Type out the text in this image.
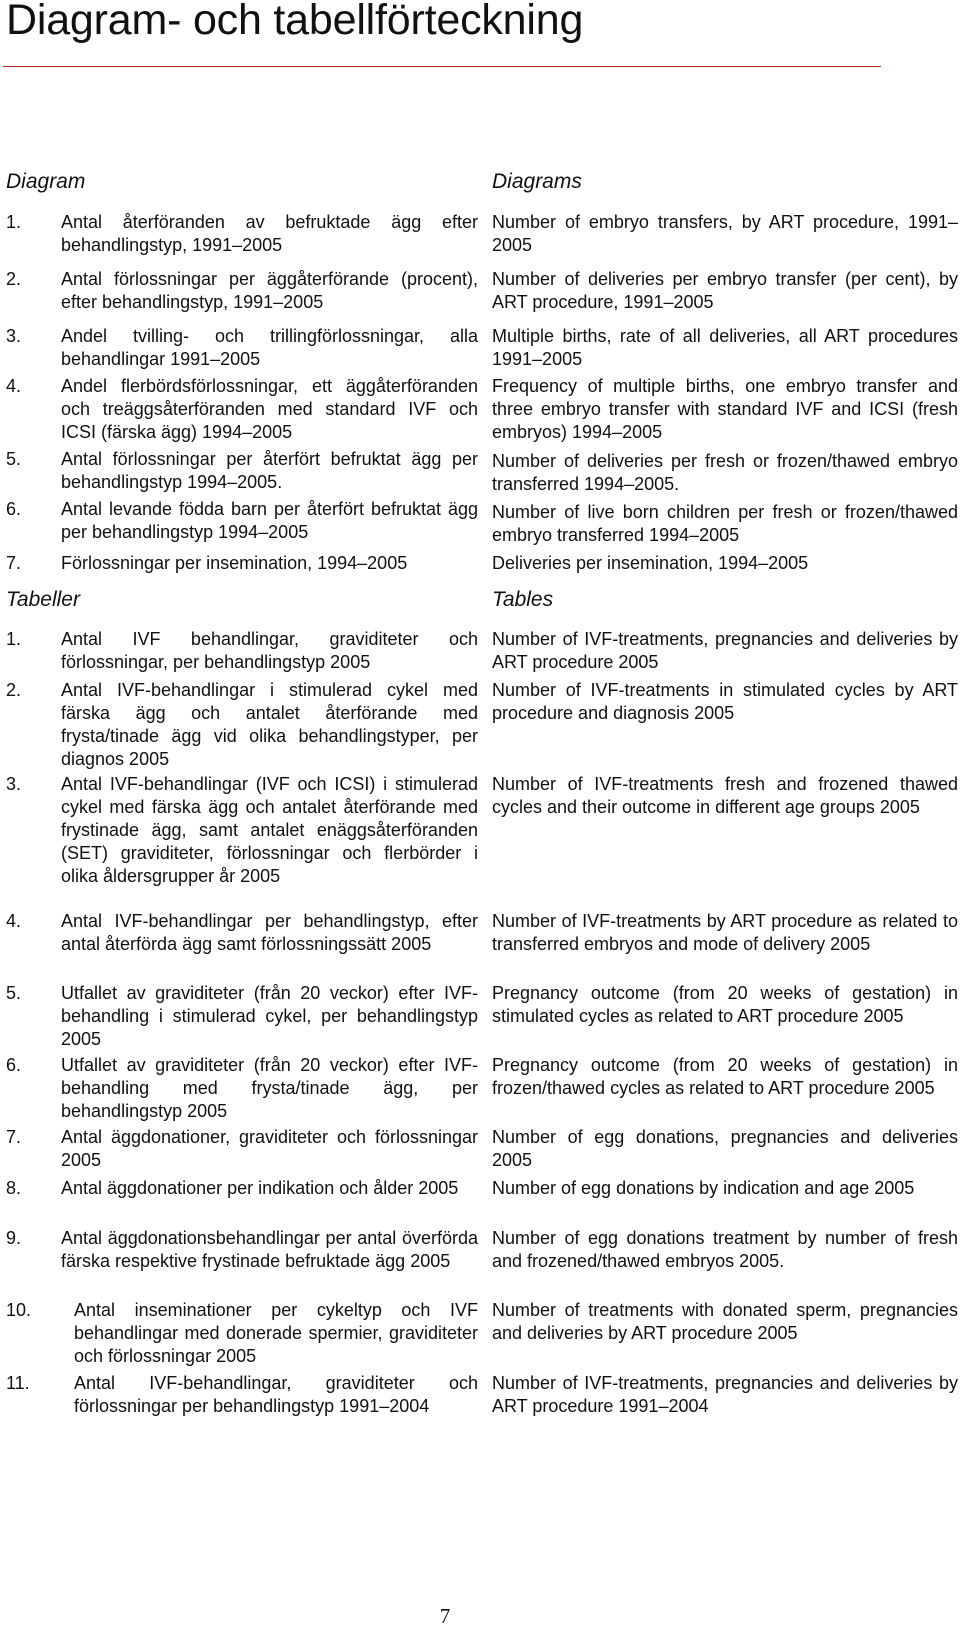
Diagram- och tabellförteckning
Diagram
1. Antal återföranden av befruktade ägg efter behandlingstyp, 1991–2005
2. Antal förlossningar per äggåterförande (procent), efter behandlingstyp, 1991–2005
3. Andel tvilling- och trillingförlossningar, alla behandlingar 1991–2005
4. Andel flerbördsförlossningar, ett äggåterföranden och treäggsåterföranden med standard IVF och ICSI (färska ägg) 1994–2005
5. Antal förlossningar per återfört befruktat ägg per behandlingstyp 1994–2005.
6. Antal levande födda barn per återfört befruktat ägg per behandlingstyp 1994–2005
7. Förlossningar per insemination, 1994–2005
Tabeller
1. Antal IVF behandlingar, graviditeter och förlossningar, per behandlingstyp 2005
2. Antal IVF-behandlingar i stimulerad cykel med färska ägg och antalet återförande med frysta/tinade ägg vid olika behandlingstyper, per diagnos 2005
3. Antal IVF-behandlingar (IVF och ICSI) i stimulerad cykel med färska ägg och antalet återförande med frystinade ägg, samt antalet enäggsåterföranden (SET) graviditeter, förlossningar och flerbörder i olika åldersgrupper år 2005
4. Antal IVF-behandlingar per behandlingstyp, efter antal återförda ägg samt förlossningssätt 2005
5. Utfallet av graviditeter (från 20 veckor) efter IVF-behandling i stimulerad cykel, per behandlingstyp 2005
6. Utfallet av graviditeter (från 20 veckor) efter IVF-behandling med frysta/tinade ägg, per behandlingstyp 2005
7. Antal äggdonationer, graviditeter och förlossningar 2005
8. Antal äggdonationer per indikation och ålder 2005
9. Antal äggdonationsbehandlingar per antal överförda färska respektive frystinade befruktade ägg 2005
10. Antal inseminationer per cykeltyp och IVF behandlingar med donerade spermier, graviditeter och förlossningar 2005
11. Antal IVF-behandlingar, graviditeter och förlossningar per behandlingstyp 1991–2004
Diagrams
Number of embryo transfers, by ART procedure, 1991–2005
Number of deliveries per embryo transfer (per cent), by ART procedure, 1991–2005
Multiple births, rate of all deliveries, all ART procedures 1991–2005
Frequency of multiple births, one embryo transfer and three embryo transfer with standard IVF and ICSI (fresh embryos) 1994–2005
Number of deliveries per fresh or frozen/thawed embryo transferred 1994–2005.
Number of live born children per fresh or frozen/thawed embryo transferred 1994–2005
Deliveries per insemination, 1994–2005
Tables
Number of IVF-treatments, pregnancies and deliveries by ART procedure 2005
Number of IVF-treatments in stimulated cycles by ART procedure and diagnosis 2005
Number of IVF-treatments fresh and frozened thawed cycles and their outcome in different age groups 2005
Number of IVF-treatments by ART procedure as related to transferred embryos and mode of delivery 2005
Pregnancy outcome (from 20 weeks of gestation) in stimulated cycles as related to ART procedure 2005
Pregnancy outcome (from 20 weeks of gestation) in frozen/thawed cycles as related to ART procedure 2005
Number of egg donations, pregnancies and deliveries 2005
Number of egg donations by indication and age 2005
Number of egg donations treatment by number of fresh and frozened/thawed embryos 2005.
Number of treatments with donated sperm, pregnancies and deliveries by ART procedure 2005
Number of IVF-treatments, pregnancies and deliveries by ART procedure 1991–2004
7
